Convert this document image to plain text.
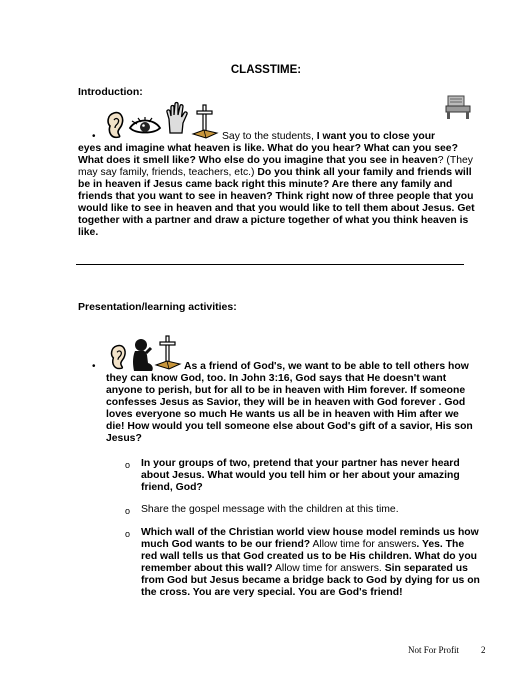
CLASSTIME:
Introduction:
•	Say to the students, I want you to close your
eyes and imagine what heaven is like. What do you hear? What can you see?
What does it smell like? Who else do you imagine that you see in heaven? (They
may say family, friends, teachers, etc.) Do you think all your family and friends will
be in heaven if Jesus came back right this minute? Are there any family and
friends that you want to see in heaven? Think right now of three people that you
would like to see in heaven and that you would like to tell them about Jesus. Get
together with a partner and draw a picture together of what you think heaven is
like.
Presentation/learning activities:
•	As a friend of God's, we want to be able to tell others how
they can know God, too. In John 3:16, God says that He doesn't want
anyone to perish, but for all to be in heaven with Him forever. If someone
confesses Jesus as Savior, they will be in heaven with God forever . God
loves everyone so much He wants us all be in heaven with Him after we
die! How would you tell someone else about God's gift of a savior, His son
Jesus?
o In your groups of two, pretend that your partner has never heard
about Jesus. What would you tell him or her about your amazing
friend, God?
o Share the gospel message with the children at this time.
o Which wall of the Christian world view house model reminds us how
much God wants to be our friend? Allow time for answers. Yes. The
red wall tells us that God created us to be His children. What do you
remember about this wall? Allow time for answers. Sin separated us
from God but Jesus became a bridge back to God by dying for us on
the cross. You are very special. You are God's friend!
Not For Profit 2
